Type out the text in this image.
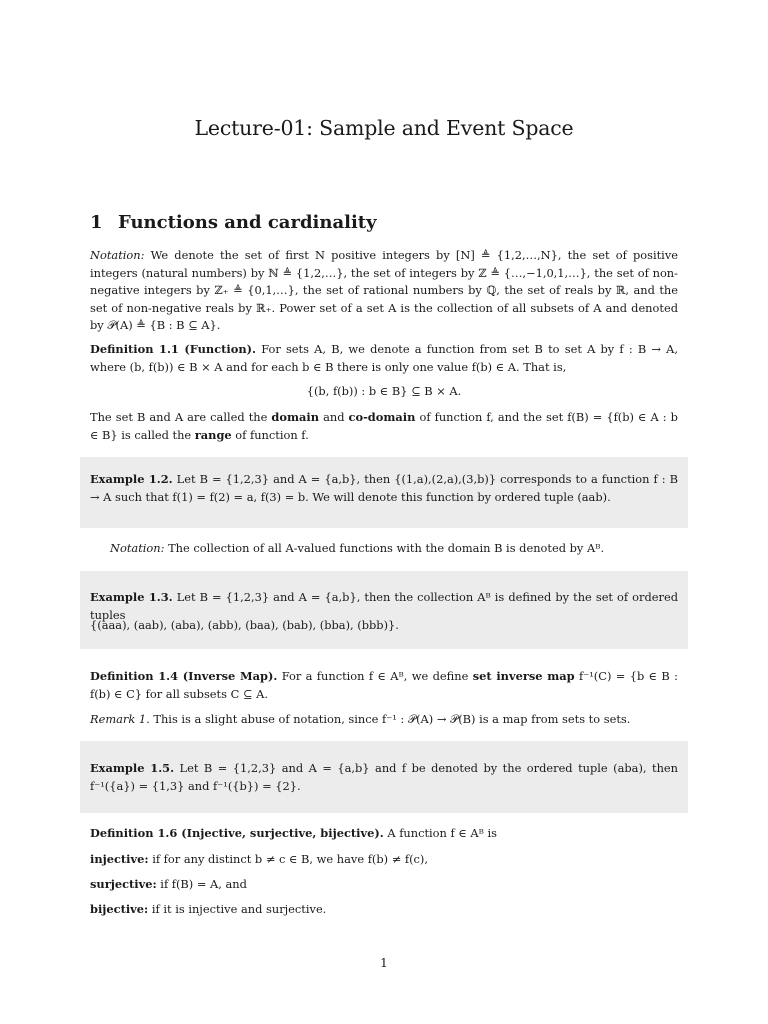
Lecture-01: Sample and Event Space
1 Functions and cardinality

Notation: We denote the set of first N positive integers by [N] ≜ {1,2,…,N}, the set of positive integers (natural numbers) by ℕ ≜ {1,2,…}, the set of integers by ℤ ≜ {…,−1,0,1,…}, the set of non-negative integers by ℤ₊ ≜ {0,1,…}, the set of rational numbers by ℚ, the set of reals by ℝ, and the set of non-negative reals by ℝ₊. Power set of a set A is the collection of all subsets of A and denoted by 𝒫(A) ≜ {B : B ⊆ A}.

Definition 1.1 (Function). For sets A, B, we denote a function from set B to set A by f : B → A, where (b, f(b)) ∈ B × A and for each b ∈ B there is only one value f(b) ∈ A. That is,

{(b, f(b)) : b ∈ B} ⊆ B × A.

The set B and A are called the domain and co-domain of function f, and the set f(B) = {f(b) ∈ A : b ∈ B} is called the range of function f.

Example 1.2. Let B = {1,2,3} and A = {a,b}, then {(1,a),(2,a),(3,b)} corresponds to a function f : B → A such that f(1) = f(2) = a, f(3) = b. We will denote this function by ordered tuple (aab).

Notation: The collection of all A-valued functions with the domain B is denoted by Aᴮ.

Example 1.3. Let B = {1,2,3} and A = {a,b}, then the collection Aᴮ is defined by the set of ordered tuples

{(aaa), (aab), (aba), (abb), (baa), (bab), (bba), (bbb)}.

Definition 1.4 (Inverse Map). For a function f ∈ Aᴮ, we define set inverse map f⁻¹(C) = {b ∈ B : f(b) ∈ C} for all subsets C ⊆ A.

Remark 1. This is a slight abuse of notation, since f⁻¹ : 𝒫(A) → 𝒫(B) is a map from sets to sets.

Example 1.5. Let B = {1,2,3} and A = {a,b} and f be denoted by the ordered tuple (aba), then f⁻¹({a}) = {1,3} and f⁻¹({b}) = {2}.

Definition 1.6 (Injective, surjective, bijective). A function f ∈ Aᴮ is

injective: if for any distinct b ≠ c ∈ B, we have f(b) ≠ f(c),

surjective: if f(B) = A, and

bijective: if it is injective and surjective.

1
